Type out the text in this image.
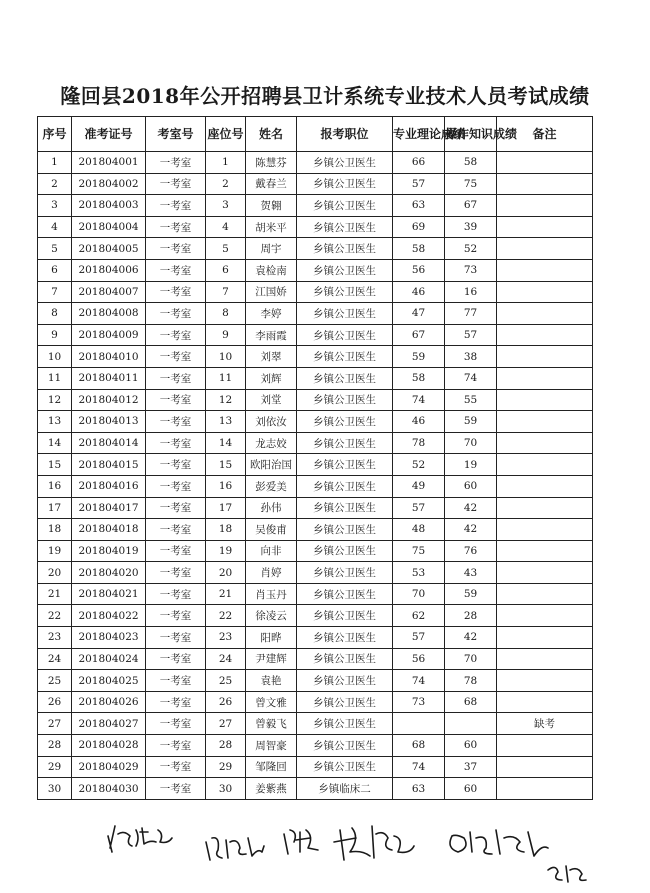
隆回县2018年公开招聘县卫计系统专业技术人员考试成绩
序号	准考证号	考室号	座位号	姓名	报考职位	专业理论成绩	操作知识成绩	备注
1	201804001	一考室	1	陈慧芬	乡镇公卫医生	66	58	
2	201804002	一考室	2	戴春兰	乡镇公卫医生	57	75	
3	201804003	一考室	3	贺翱	乡镇公卫医生	63	67	
4	201804004	一考室	4	胡米平	乡镇公卫医生	69	39	
5	201804005	一考室	5	周宇	乡镇公卫医生	58	52	
6	201804006	一考室	6	袁检南	乡镇公卫医生	56	73	
7	201804007	一考室	7	江国娇	乡镇公卫医生	46	16	
8	201804008	一考室	8	李婷	乡镇公卫医生	47	77	
9	201804009	一考室	9	李雨霞	乡镇公卫医生	67	57	
10	201804010	一考室	10	刘翠	乡镇公卫医生	59	38	
11	201804011	一考室	11	刘辉	乡镇公卫医生	58	74	
12	201804012	一考室	12	刘堂	乡镇公卫医生	74	55	
13	201804013	一考室	13	刘依汝	乡镇公卫医生	46	59	
14	201804014	一考室	14	龙志姣	乡镇公卫医生	78	70	
15	201804015	一考室	15	欧阳治国	乡镇公卫医生	52	19	
16	201804016	一考室	16	彭爱美	乡镇公卫医生	49	60	
17	201804017	一考室	17	孙伟	乡镇公卫医生	57	42	
18	201804018	一考室	18	吴俊甫	乡镇公卫医生	48	42	
19	201804019	一考室	19	向非	乡镇公卫医生	75	76	
20	201804020	一考室	20	肖婷	乡镇公卫医生	53	43	
21	201804021	一考室	21	肖玉丹	乡镇公卫医生	70	59	
22	201804022	一考室	22	徐凌云	乡镇公卫医生	62	28	
23	201804023	一考室	23	阳晔	乡镇公卫医生	57	42	
24	201804024	一考室	24	尹建辉	乡镇公卫医生	56	70	
25	201804025	一考室	25	袁艳	乡镇公卫医生	74	78	
26	201804026	一考室	26	曾文雅	乡镇公卫医生	73	68	
27	201804027	一考室	27	曾毅飞	乡镇公卫医生			缺考
28	201804028	一考室	28	周智豪	乡镇公卫医生	68	60	
29	201804029	一考室	29	邹隆回	乡镇公卫医生	74	37	
30	201804030	一考室	30	姜紫燕	乡镇临床二	63	60	
